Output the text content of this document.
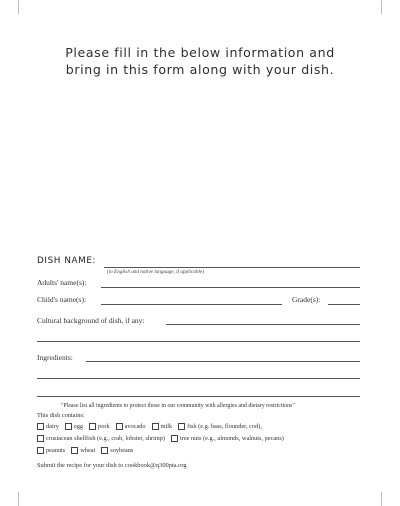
Please fill in the below information and
bring in this form along with your dish.
DISH NAME:
(in English and native language, if applicable)
Adults' name(s):
Child's name(s):	Grade(s):
Cultural background of dish, if any:
Ingredients:
"Please list all ingredients to protect those in our community with allergies and dietary restrictions"
This dish contains:
dairy egg pork avocado milk fish (e.g. bass, flounder, cod),
crustacean shellfish (e.g., crab, lobster, shrimp) tree nuts (e.g., almonds, walnuts, pecans)
peanuts wheat soybeans
Submit the recipe for your dish to cookbook@q300pta.org
